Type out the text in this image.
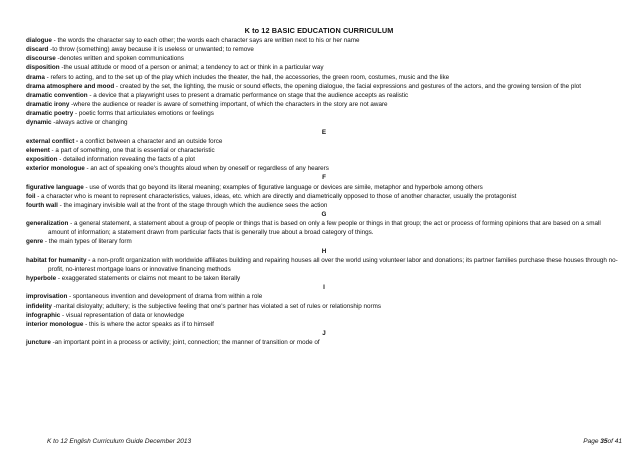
K to 12 BASIC EDUCATION CURRICULUM

dialogue - the words the character say to each other; the words each character says are written next to his or her name

discard -to throw (something) away because it is useless or unwanted; to remove

discourse -denotes written and spoken communications

disposition -the usual attitude or mood of a person or animal; a tendency to act or think in a particular way

drama - refers to acting, and to the set up of the play which includes the theater, the hall, the accessories, the green room, costumes, music and the like

drama atmosphere and mood - created by the set, the lighting, the music or sound effects, the opening dialogue, the facial expressions and gestures of the actors, and the growing tension of the plot

dramatic convention - a device that a playwright uses to present a dramatic performance on stage that the audience accepts as realistic

dramatic irony -where the audience or reader is aware of something important, of which the characters in the story are not aware

dramatic poetry - poetic forms that articulates emotions or feelings

dynamic -always active or changing

E

external conflict - a conflict between a character and an outside force

element - a part of something, one that is essential or characteristic

exposition - detailed information revealing the facts of a plot

exterior monologue - an act of speaking one's thoughts aloud when by oneself or regardless of any hearers

F

figurative language - use of words that go beyond its literal meaning; examples of figurative language or devices are simile, metaphor and hyperbole among others

foil - a character who is meant to represent characteristics, values, ideas, etc. which are directly and diametrically opposed to those of another character, usually the protagonist

fourth wall - the imaginary invisible wall at the front of the stage through which the audience sees the action

G

generalization - a general statement, a statement about a group of people or things that is based on only a few people or things in that group; the act or process of forming opinions that are based on a small amount of information; a statement drawn from particular facts that is generally true about a broad category of things.

genre - the main types of literary form

H

habitat for humanity - a non-profit organization with worldwide affiliates building and repairing houses all over the world using volunteer labor and donations; its partner families purchase these houses through no-profit, no-interest mortgage loans or innovative financing methods

hyperbole - exaggerated statements or claims not meant to be taken literally

I

improvisation - spontaneous invention and development of drama from within a role

infidelity -marital disloyalty; adultery; is the subjective feeling that one's partner has violated a set of rules or relationship norms

infographic - visual representation of data or knowledge

interior monologue - this is where the actor speaks as if to himself

J

juncture -an important point in a process or activity; joint, connection; the manner of transition or mode of

K to 12 English Curriculum Guide December 2013	Page 35of 41
